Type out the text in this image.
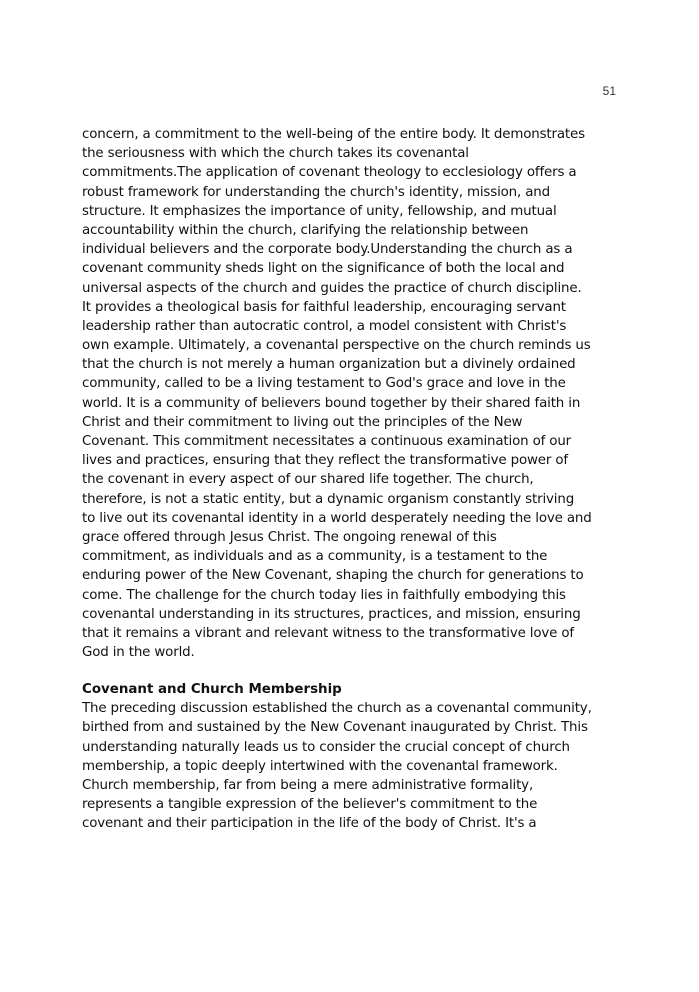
51
concern, a commitment to the well-being of the entire body. It demonstrates
the seriousness with which the church takes its covenantal
commitments.The application of covenant theology to ecclesiology offers a
robust framework for understanding the church's identity, mission, and
structure. It emphasizes the importance of unity, fellowship, and mutual
accountability within the church, clarifying the relationship between
individual believers and the corporate body.Understanding the church as a
covenant community sheds light on the significance of both the local and
universal aspects of the church and guides the practice of church discipline.
It provides a theological basis for faithful leadership, encouraging servant
leadership rather than autocratic control, a model consistent with Christ's
own example. Ultimately, a covenantal perspective on the church reminds us
that the church is not merely a human organization but a divinely ordained
community, called to be a living testament to God's grace and love in the
world. It is a community of believers bound together by their shared faith in
Christ and their commitment to living out the principles of the New
Covenant. This commitment necessitates a continuous examination of our
lives and practices, ensuring that they reflect the transformative power of
the covenant in every aspect of our shared life together. The church,
therefore, is not a static entity, but a dynamic organism constantly striving
to live out its covenantal identity in a world desperately needing the love and
grace offered through Jesus Christ. The ongoing renewal of this
commitment, as individuals and as a community, is a testament to the
enduring power of the New Covenant, shaping the church for generations to
come. The challenge for the church today lies in faithfully embodying this
covenantal understanding in its structures, practices, and mission, ensuring
that it remains a vibrant and relevant witness to the transformative love of
God in the world.
Covenant and Church Membership
The preceding discussion established the church as a covenantal community,
birthed from and sustained by the New Covenant inaugurated by Christ. This
understanding naturally leads us to consider the crucial concept of church
membership, a topic deeply intertwined with the covenantal framework.
Church membership, far from being a mere administrative formality,
represents a tangible expression of the believer's commitment to the
covenant and their participation in the life of the body of Christ. It's a
